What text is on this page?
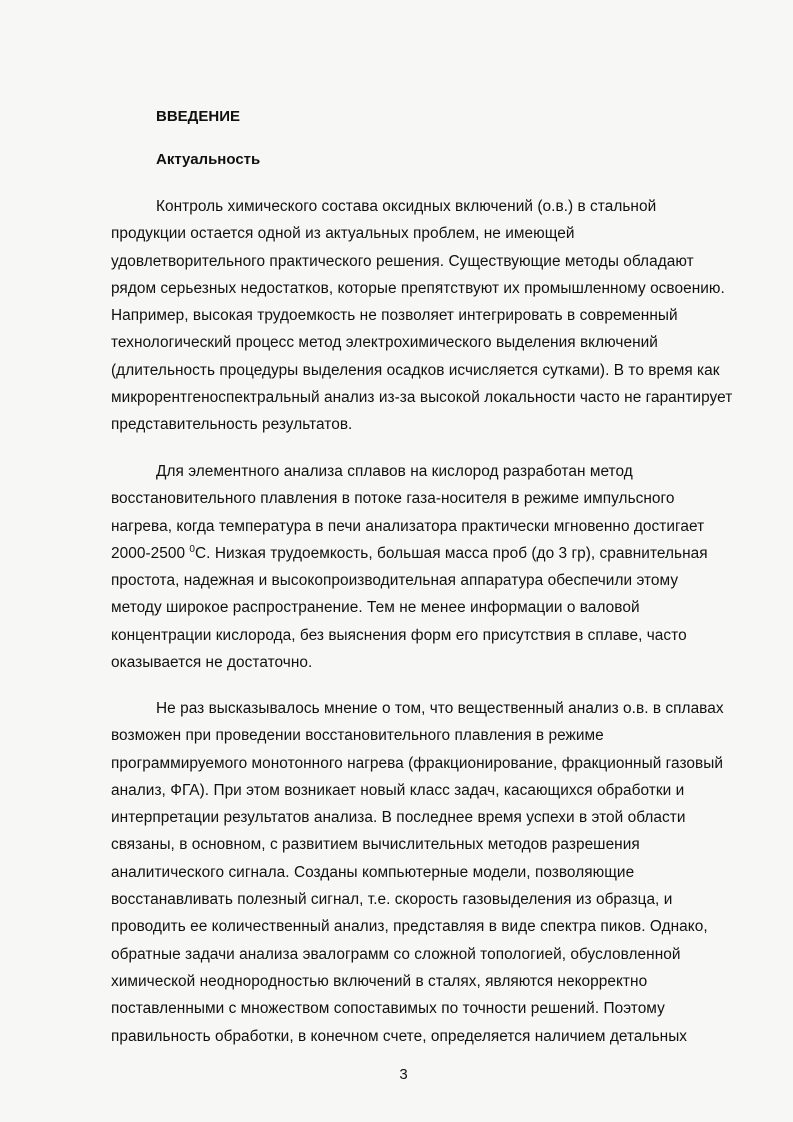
ВВЕДЕНИЕ
Актуальность
Контроль химического состава оксидных включений (о.в.) в стальной
продукции остается одной из актуальных проблем, не имеющей
удовлетворительного практического решения. Существующие методы обладают
рядом серьезных недостатков, которые препятствуют их промышленному освоению.
Например, высокая трудоемкость не позволяет интегрировать в современный
технологический процесс метод электрохимического выделения включений
(длительность процедуры выделения осадков исчисляется сутками). В то время как
микрорентгеноспектральный анализ из-за высокой локальности часто не гарантирует
представительность результатов.
Для элементного анализа сплавов на кислород разработан метод
восстановительного плавления в потоке газа-носителя в режиме импульсного
нагрева, когда температура в печи анализатора практически мгновенно достигает
2000-2500 $^0$С. Низкая трудоемкость, большая масса проб (до 3 гр), сравнительная
простота, надежная и высокопроизводительная аппаратура обеспечили этому
методу широкое распространение. Тем не менее информации о валовой
концентрации кислорода, без выяснения форм его присутствия в сплаве, часто
оказывается не достаточно.
Не раз высказывалось мнение о том, что вещественный анализ о.в. в сплавах
возможен при проведении восстановительного плавления в режиме
программируемого монотонного нагрева (фракционирование, фракционный газовый
анализ, ФГА). При этом возникает новый класс задач, касающихся обработки и
интерпретации результатов анализа. В последнее время успехи в этой области
связаны, в основном, с развитием вычислительных методов разрешения
аналитического сигнала. Созданы компьютерные модели, позволяющие
восстанавливать полезный сигнал, т.е. скорость газовыделения из образца, и
проводить ее количественный анализ, представляя в виде спектра пиков. Однако,
обратные задачи анализа эвалограмм со сложной топологией, обусловленной
химической неоднородностью включений в сталях, являются некорректно
поставленными с множеством сопоставимых по точности решений. Поэтому
правильность обработки, в конечном счете, определяется наличием детальных
3
